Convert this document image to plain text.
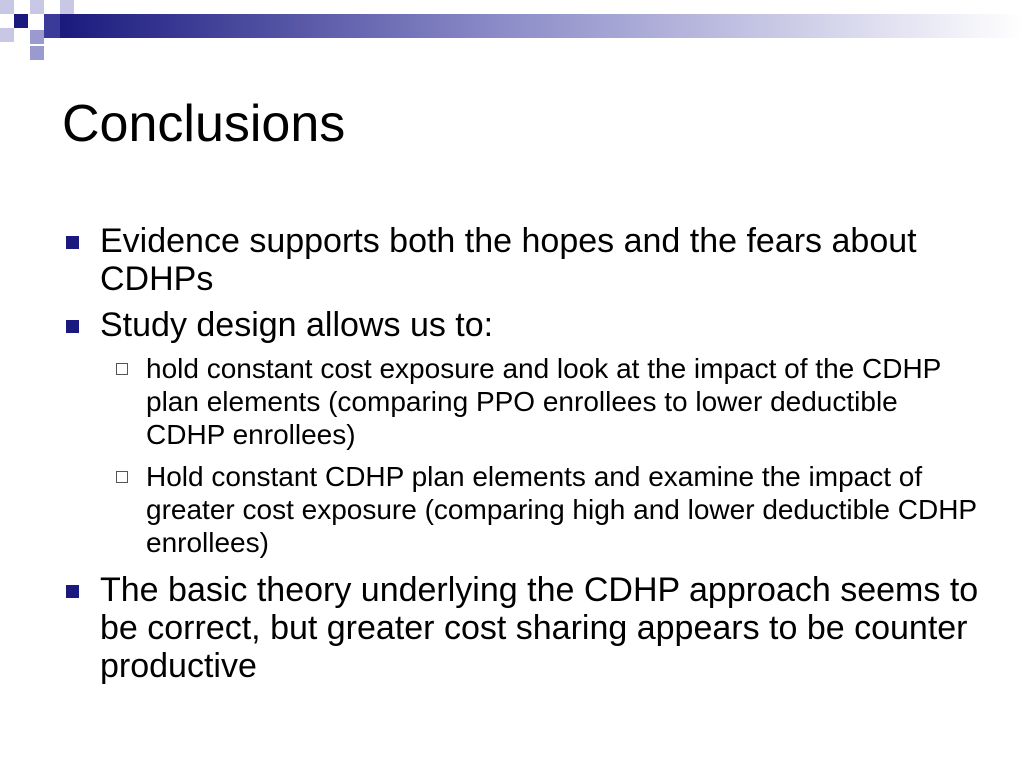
Conclusions
Evidence supports both the hopes and the fears about CDHPs
Study design allows us to:
hold constant cost exposure and look at the impact of the CDHP plan elements (comparing PPO enrollees to lower deductible CDHP enrollees)
Hold constant CDHP plan elements and examine the impact of greater cost exposure (comparing high and lower deductible CDHP enrollees)
The basic theory underlying the CDHP approach seems to be correct, but greater cost sharing appears to be counter productive
